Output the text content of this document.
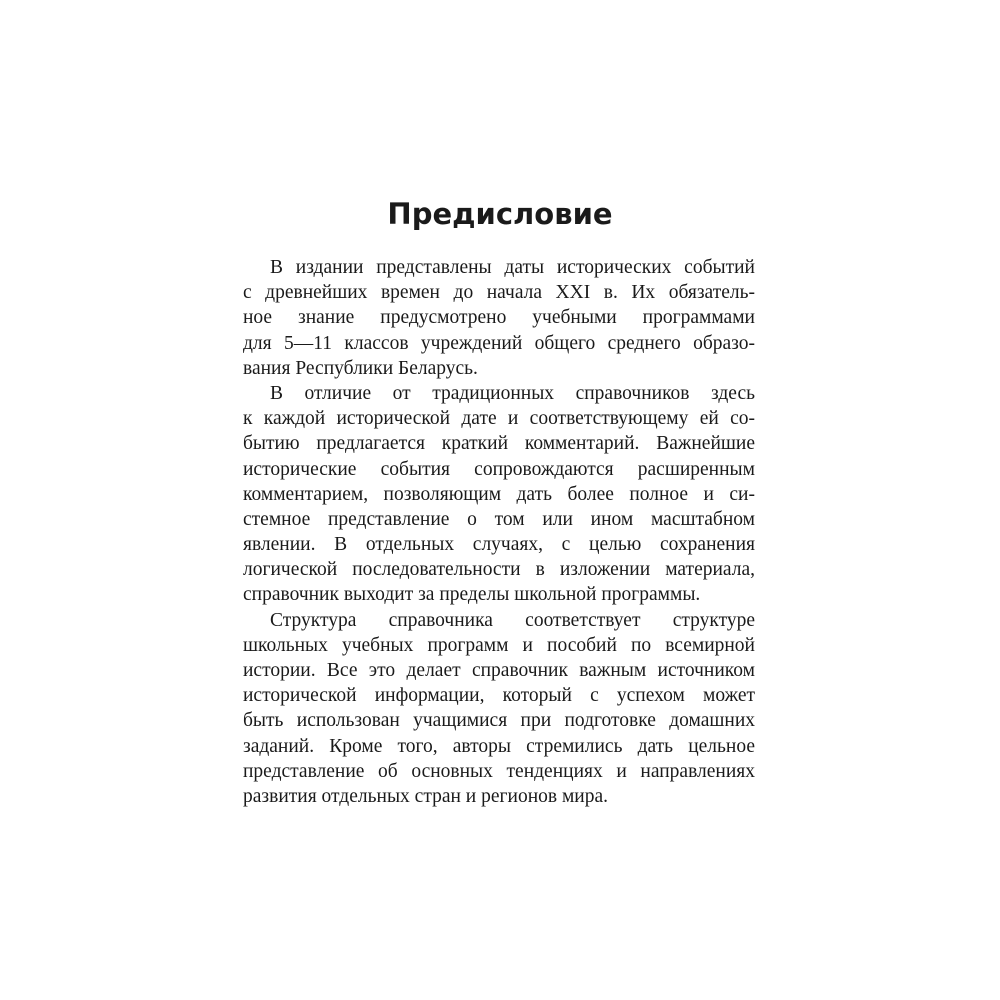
Предисловие
В издании представлены даты исторических событий
с древнейших времен до начала XXI в. Их обязатель-
ное знание предусмотрено учебными программами
для 5—11 классов учреждений общего среднего образо-
вания Республики Беларусь.
В отличие от традиционных справочников здесь
к каждой исторической дате и соответствующему ей со-
бытию предлагается краткий комментарий. Важнейшие
исторические события сопровождаются расширенным
комментарием, позволяющим дать более полное и си-
стемное представление о том или ином масштабном
явлении. В отдельных случаях, с целью сохранения
логической последовательности в изложении материала,
справочник выходит за пределы школьной программы.
Структура справочника соответствует структуре
школьных учебных программ и пособий по всемирной
истории. Все это делает справочник важным источником
исторической информации, который с успехом может
быть использован учащимися при подготовке домашних
заданий. Кроме того, авторы стремились дать цельное
представление об основных тенденциях и направлениях
развития отдельных стран и регионов мира.
